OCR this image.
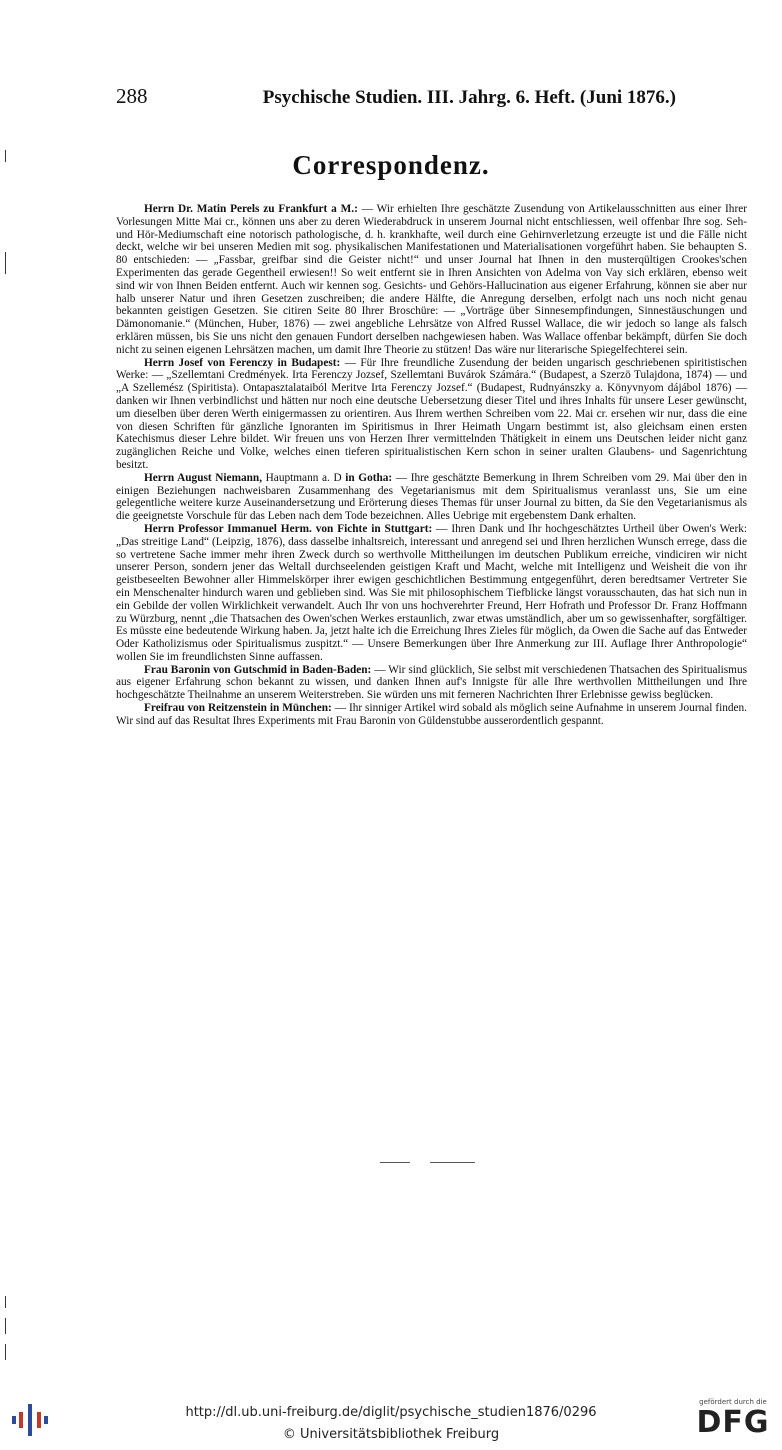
288	Psychische Studien. III. Jahrg. 6. Heft. (Juni 1876.)
Correspondenz.

Herrn Dr. Matin Perels zu Frankfurt a M.: — Wir erhielten Ihre geschätzte Zusendung von Artikelausschnitten aus einer Ihrer Vorlesungen Mitte Mai cr., können uns aber zu deren Wiederabdruck in unserem Journal nicht entschliessen, weil offenbar Ihre sog. Seh- und Hör-Mediumschaft eine notorisch pathologische, d. h. krankhafte, weil durch eine Gehirnverletzung erzeugte ist und die Fälle nicht deckt, welche wir bei unseren Medien mit sog. physikalischen Manifestationen und Materialisationen vorgeführt haben. Sie behaupten S. 80 entschieden: — „Fassbar, greifbar sind die Geister nicht!“ und unser Journal hat Ihnen in den musterqültigen Crookes'schen Experimenten das gerade Gegentheil erwiesen!! So weit entfernt sie in Ihren Ansichten von Adelma von Vay sich erklären, ebenso weit sind wir von Ihnen Beiden entfernt. Auch wir kennen sog. Gesichts- und Gehörs-Hallucination aus eigener Erfahrung, können sie aber nur halb unserer Natur und ihren Gesetzen zuschreiben; die andere Hälfte, die Anregung derselben, erfolgt nach uns noch nicht genau bekannten geistigen Gesetzen. Sie citiren Seite 80 Ihrer Broschüre: — „Vorträge über Sinnesempfindungen, Sinnestäuschungen und Dämonomanie.“ (München, Huber, 1876) — zwei angebliche Lehrsätze von Alfred Russel Wallace, die wir jedoch so lange als falsch erklären müssen, bis Sie uns nicht den genauen Fundort derselben nachgewiesen haben. Was Wallace offenbar bekämpft, dürfen Sie doch nicht zu seinen eigenen Lehrsätzen machen, um damit Ihre Theorie zu stützen! Das wäre nur literarische Spiegelfechterei sein.

Herrn Josef von Ferenczy in Budapest: — Für Ihre freundliche Zusendung der beiden ungarisch geschriebenen spiritistischen Werke: — „Szellemtani Credmények. Irta Ferenczy Jozsef, Szellemtani Buvárok Számára.“ (Budapest, a Szerzö Tulajdona, 1874) — und „A Szellemész (Spiritista). Ontapasztalataiból Meritve Irta Ferenczy Jozsef.“ (Budapest, Rudnyánszky a. Könyvnyom dájábol 1876) — danken wir Ihnen verbindlichst und hätten nur noch eine deutsche Uebersetzung dieser Titel und ihres Inhalts für unsere Leser gewünscht, um dieselben über deren Werth einigermassen zu orientiren. Aus Ihrem werthen Schreiben vom 22. Mai cr. ersehen wir nur, dass die eine von diesen Schriften für gänzliche Ignoranten im Spiritismus in Ihrer Heimath Ungarn bestimmt ist, also gleichsam einen ersten Katechismus dieser Lehre bildet. Wir freuen uns von Herzen Ihrer vermittelnden Thätigkeit in einem uns Deutschen leider nicht ganz zugänglichen Reiche und Volke, welches einen tieferen spiritualistischen Kern schon in seiner uralten Glaubens- und Sagenrichtung besitzt.

Herrn August Niemann, Hauptmann a. D in Gotha: — Ihre geschätzte Bemerkung in Ihrem Schreiben vom 29. Mai über den in einigen Beziehungen nachweisbaren Zusammenhang des Vegetarianismus mit dem Spiritualismus veranlasst uns, Sie um eine gelegentliche weitere kurze Auseinandersetzung und Erörterung dieses Themas für unser Journal zu bitten, da Sie den Vegetarianismus als die geeignetste Vorschule für das Leben nach dem Tode bezeichnen. Alles Uebrige mit ergebenstem Dank erhalten.

Herrn Professor Immanuel Herm. von Fichte in Stuttgart: — Ihren Dank und Ihr hochgeschätztes Urtheil über Owen's Werk: „Das streitige Land“ (Leipzig, 1876), dass dasselbe inhaltsreich, interessant und anregend sei und Ihren herzlichen Wunsch errege, dass die so vertretene Sache immer mehr ihren Zweck durch so werthvolle Mittheilungen im deutschen Publikum erreiche, vindiciren wir nicht unserer Person, sondern jener das Weltall durchseelenden geistigen Kraft und Macht, welche mit Intelligenz und Weisheit die von ihr geistbeseelten Bewohner aller Himmelskörper ihrer ewigen geschichtlichen Bestimmung entgegenführt, deren beredtsamer Vertreter Sie ein Menschenalter hindurch waren und geblieben sind. Was Sie mit philosophischem Tiefblicke längst vorausschauten, das hat sich nun in ein Gebilde der vollen Wirklichkeit verwandelt. Auch Ihr von uns hochverehrter Freund, Herr Hofrath und Professor Dr. Franz Hoffmann zu Würzburg, nennt „die Thatsachen des Owen'schen Werkes erstaunlich, zwar etwas umständlich, aber um so gewissenhafter, sorgfältiger. Es müsste eine bedeutende Wirkung haben. Ja, jetzt halte ich die Erreichung Ihres Zieles für möglich, da Owen die Sache auf das Entweder Oder Katholizismus oder Spiritualismus zuspitzt.“ — Unsere Bemerkungen über Ihre Anmerkung zur III. Auflage Ihrer Anthropologie“ wollen Sie im freundlichsten Sinne auffassen.

Frau Baronin von Gutschmid in Baden-Baden: — Wir sind glücklich, Sie selbst mit verschiedenen Thatsachen des Spiritualismus aus eigener Erfahrung schon bekannt zu wissen, und danken Ihnen auf's Innigste für alle Ihre werthvollen Mittheilungen und Ihre hochgeschätzte Theilnahme an unserem Weiterstreben. Sie würden uns mit ferneren Nachrichten Ihrer Erlebnisse gewiss beglücken.

Freifrau von Reitzenstein in München: — Ihr sinniger Artikel wird sobald als möglich seine Aufnahme in unserem Journal finden. Wir sind auf das Resultat Ihres Experiments mit Frau Baronin von Güldenstubbe ausserordentlich gespannt.

http://dl.ub.uni-freiburg.de/diglit/psychische_studien1876/0296
© Universitätsbibliothek Freiburg
gefördert durch die
DFG
